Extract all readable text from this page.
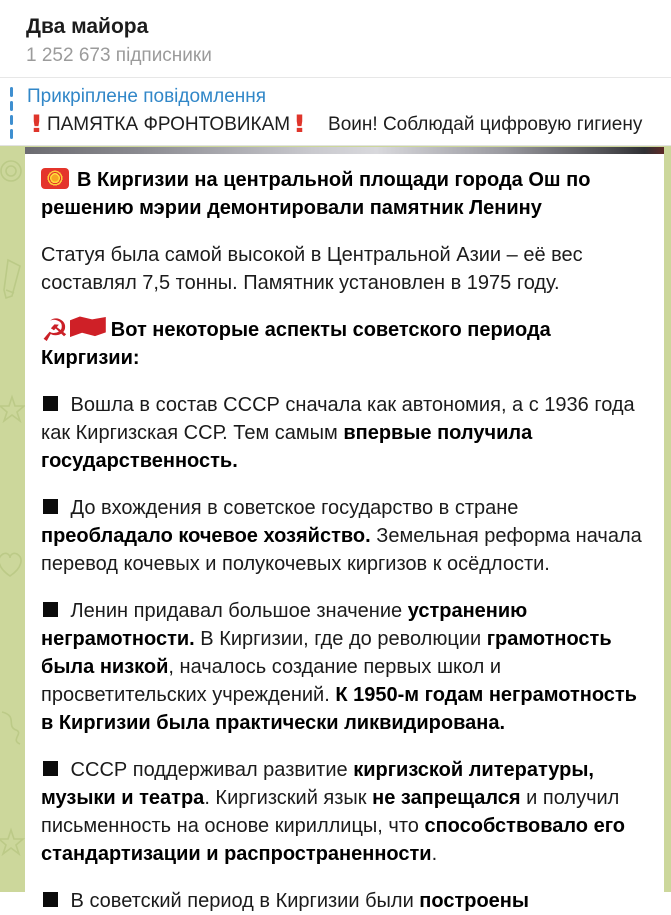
Два майора
1 252 673 підписники
Прикріплене повідомлення
! ПАМЯТКА ФРОНТОВИКАМ! Воин! Соблюдай цифровую гигиену
В Киргизии на центральной площади города Ош по решению мэрии демонтировали памятник Ленину
Статуя была самой высокой в Центральной Азии – её вес составлял 7,5 тонны. Памятник установлен в 1975 году.
☭ Вот некоторые аспекты советского периода Киргизии:
Вошла в состав СССР сначала как автономия, а с 1936 года как Киргизская ССР. Тем самым впервые получила государственность.
До вхождения в советское государство в стране преобладало кочевое хозяйство. Земельная реформа начала перевод кочевых и полукочевых киргизов к осёдлости.
Ленин придавал большое значение устранению неграмотности. В Киргизии, где до революции грамотность была низкой, началось создание первых школ и просветительских учреждений. К 1950-м годам неграмотность в Киргизии была практически ликвидирована.
СССР поддерживал развитие киргизской литературы, музыки и театра. Киргизский язык не запрещался и получил письменность на основе кириллицы, что способствовало его стандартизации и распространенности.
В советский период в Киргизии были построены
